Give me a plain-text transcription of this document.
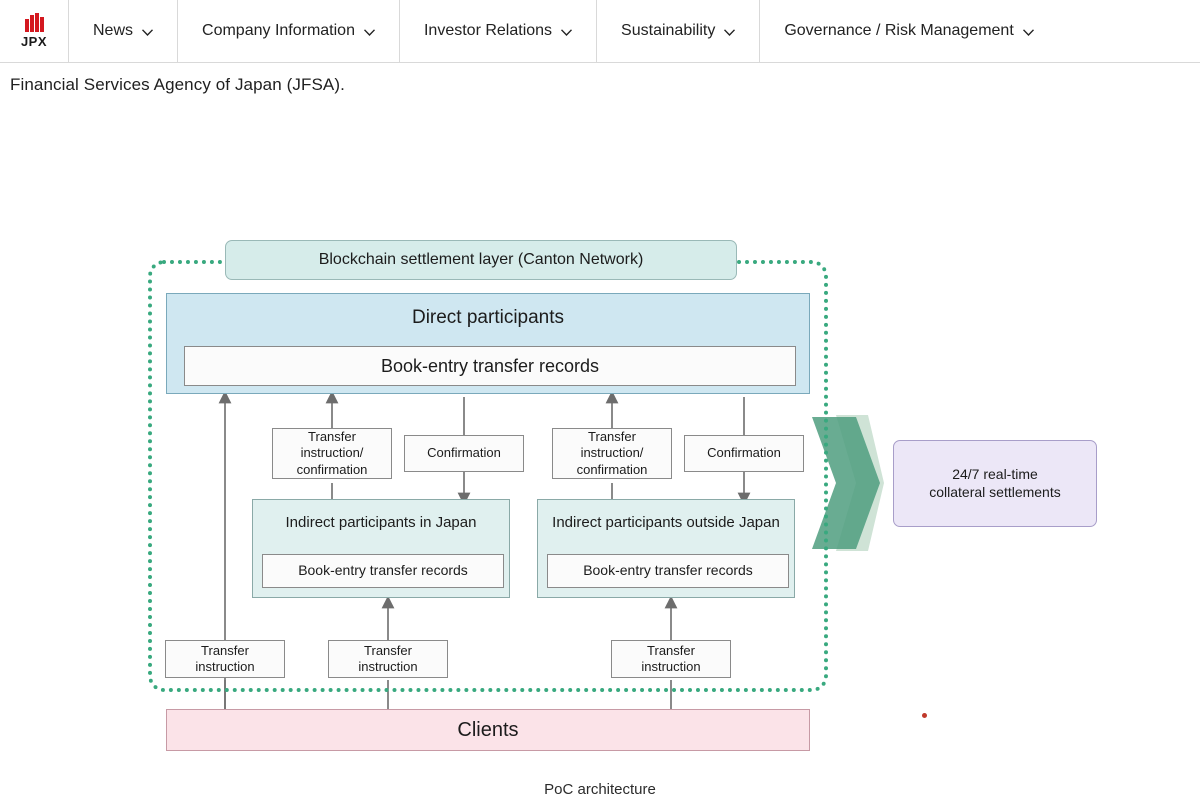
JPX
News	Company Information	Investor Relations	Sustainability	Governance / Risk Management
Financial Services Agency of Japan (JFSA).
Blockchain settlement layer (Canton Network)
Direct participants
Book-entry transfer records
Transfer instruction/ confirmation
Confirmation
Transfer instruction/ confirmation
Confirmation
Indirect participants in Japan
Book-entry transfer records
Indirect participants outside Japan
Book-entry transfer records
Transfer instruction
Transfer instruction
Transfer instruction
Clients
24/7 real-time
collateral settlements
PoC architecture
